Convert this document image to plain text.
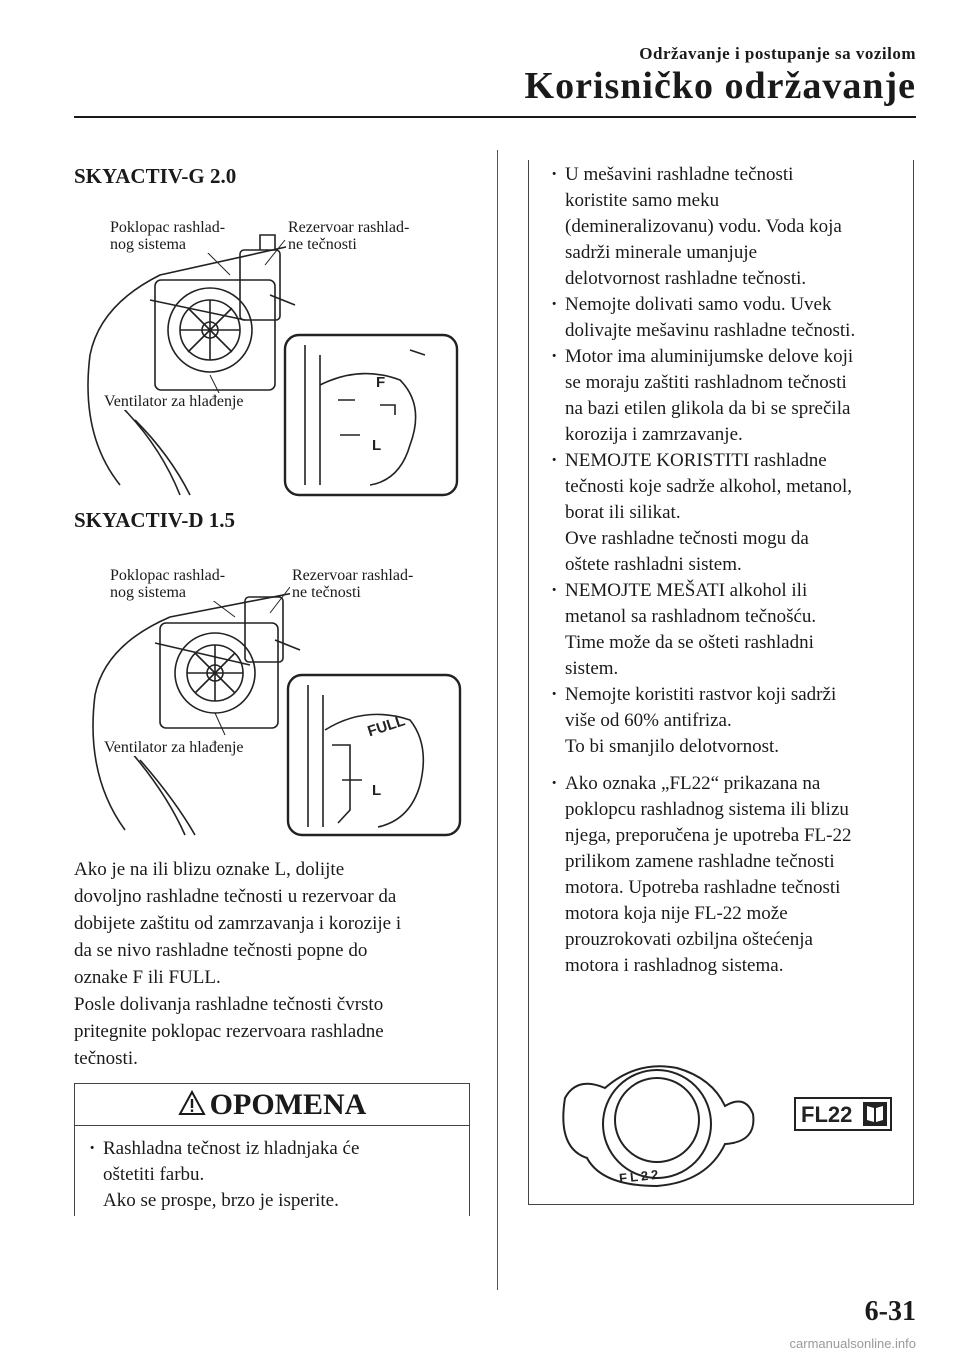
Održavanje i postupanje sa vozilom
Korisničko održavanje
SKYACTIV-G 2.0
F
L
Poklopac rashlad-
nog sistema
Rezervoar rashlad-
ne tečnosti
Ventilator za hlađenje
SKYACTIV-D 1.5
FULL
L
Poklopac rashlad-
nog sistema
Rezervoar rashlad-
ne tečnosti
Ventilator za hlađenje

Ako je na ili blizu oznake L, dolijte

dovoljno rashladne tečnosti u rezervoar da

dobijete zaštitu od zamrzavanja i korozije i

da se nivo rashladne tečnosti popne do

oznake F ili FULL.

Posle dolivanja rashladne tečnosti čvrsto

pritegnite poklopac rezervoara rashladne

tečnosti.

OPOMENA
· Rashladna tečnost iz hladnjaka će
oštetiti farbu.
Ako se prospe, brzo je isperite.
· U mešavini rashladne tečnosti
koristite samo meku
(demineralizovanu) vodu. Voda koja
sadrži minerale umanjuje
delotvornost rashladne tečnosti.
· Nemojte dolivati samo vodu. Uvek
dolivajte mešavinu rashladne tečnosti.
· Motor ima aluminijumske delove koji
se moraju zaštiti rashladnom tečnosti
na bazi etilen glikola da bi se sprečila
korozija i zamrzavanje.
· NEMOJTE KORISTITI rashladne
tečnosti koje sadrže alkohol, metanol,
borat ili silikat.
Ove rashladne tečnosti mogu da
oštete rashladni sistem.
· NEMOJTE MEŠATI alkohol ili
metanol sa rashladnom tečnošću.
Time može da se ošteti rashladni
sistem.
· Nemojte koristiti rastvor koji sadrži
više od 60% antifriza.
To bi smanjilo delotvornost.
· Ako oznaka „FL22“ prikazana na
poklopcu rashladnog sistema ili blizu
njega, preporučena je upotreba FL-22
prilikom zamene rashladne tečnosti
motora. Upotreba rashladne tečnosti
motora koja nije FL-22 može
prouzrokovati ozbiljna oštećenja
motora i rashladnog sistema.
FL22
FL22
6-31
carmanualsonline.info
